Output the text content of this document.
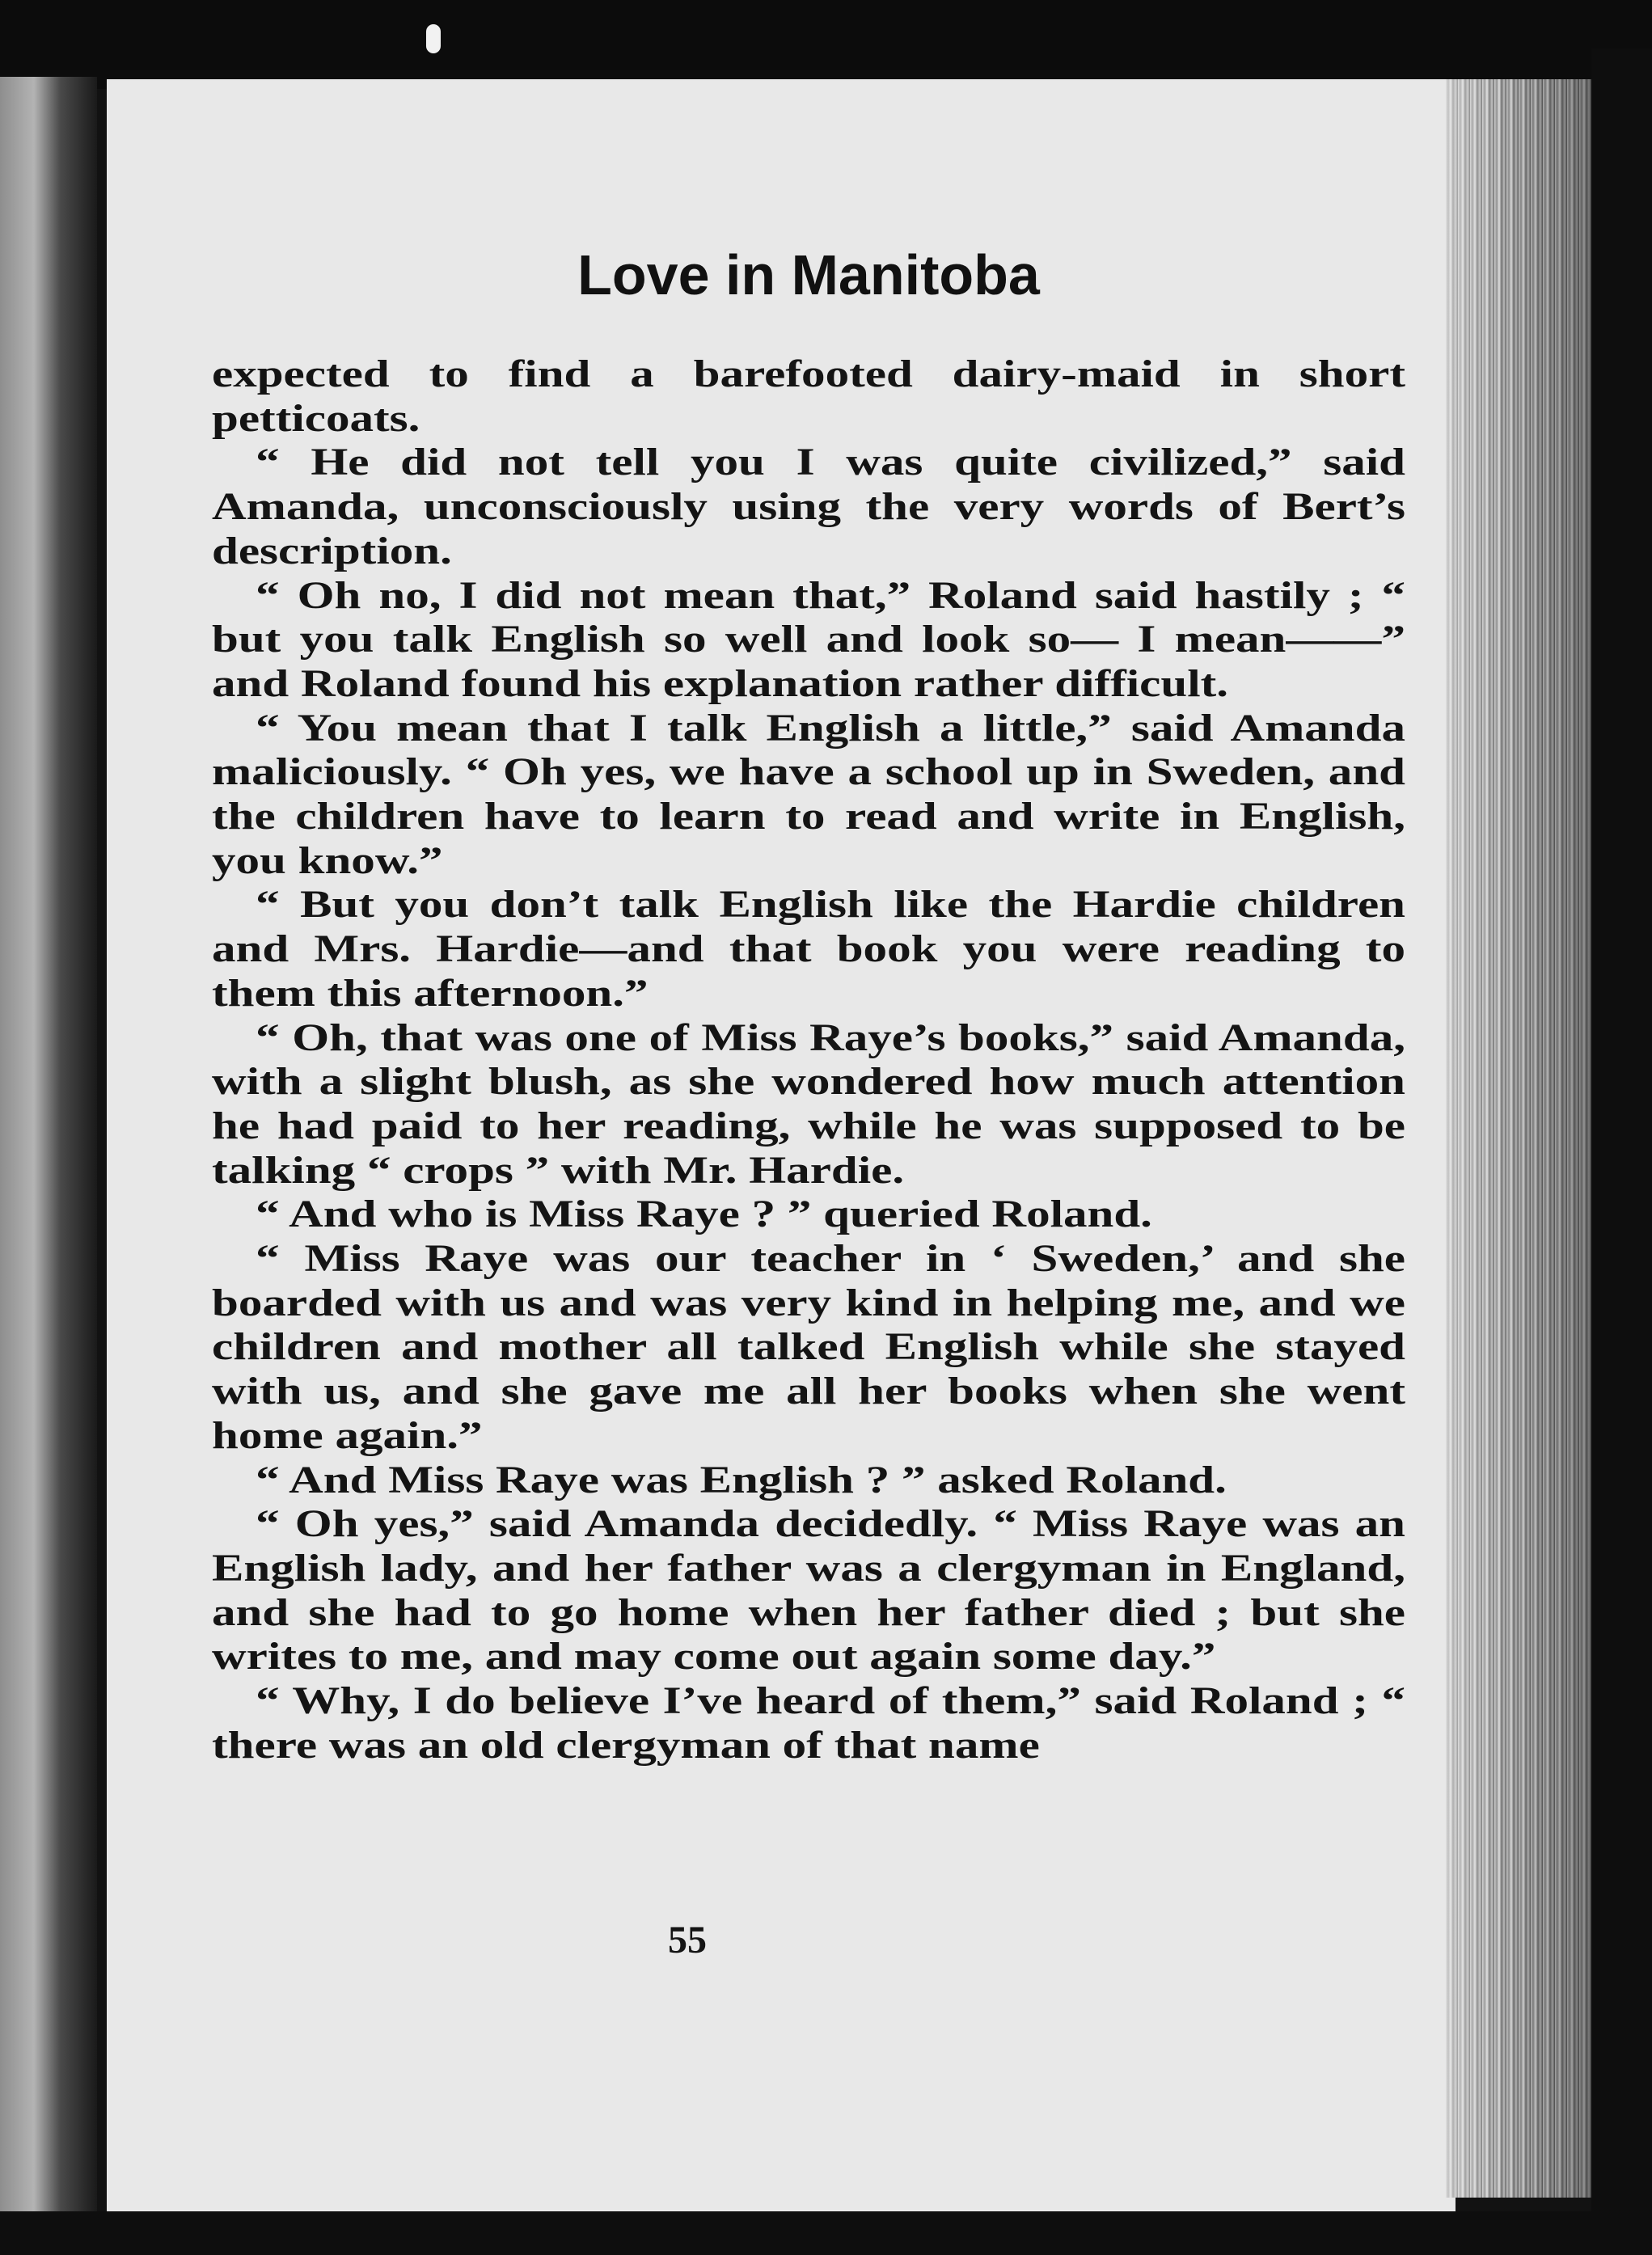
Love in Manitoba

expected to find a barefooted dairy-maid in short petticoats.

“ He did not tell you I was quite civilized,” said Amanda, unconsciously using the very words of Bert’s description.

“ Oh no, I did not mean that,” Roland said hastily ; “ but you talk English so well and look so— I mean——” and Roland found his explanation rather difficult.

“ You mean that I talk English a little,” said Amanda maliciously. “ Oh yes, we have a school up in Sweden, and the children have to learn to read and write in English, you know.”

“ But you don’t talk English like the Hardie children and Mrs. Hardie—and that book you were reading to them this afternoon.”

“ Oh, that was one of Miss Raye’s books,” said Amanda, with a slight blush, as she wondered how much attention he had paid to her reading, while he was supposed to be talking “ crops ” with Mr. Hardie.

“ And who is Miss Raye ? ” queried Roland.

“ Miss Raye was our teacher in ‘ Sweden,’ and she boarded with us and was very kind in helping me, and we children and mother all talked English while she stayed with us, and she gave me all her books when she went home again.”

“ And Miss Raye was English ? ” asked Roland.

“ Oh yes,” said Amanda decidedly. “ Miss Raye was an English lady, and her father was a clergyman in England, and she had to go home when her father died ; but she writes to me, and may come out again some day.”

“ Why, I do believe I’ve heard of them,” said Roland ; “ there was an old clergyman of that name

55
